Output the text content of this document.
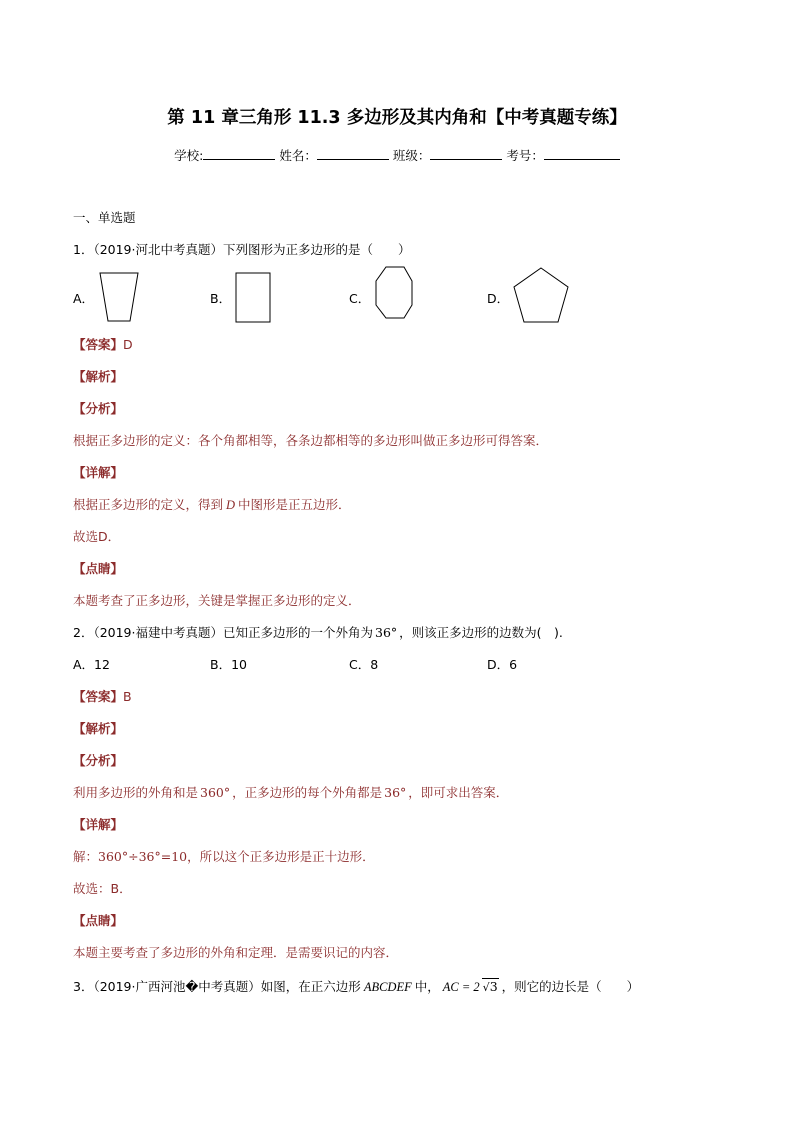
第 11 章三角形 11.3 多边形及其内角和【中考真题专练】
学校:	姓名：	班级：	考号：
一、单选题
1．（2019·河北中考真题）下列图形为正多边形的是（　　）
A．	B．	C．	D．
【答案】D
【解析】
【分析】
根据正多边形的定义：各个角都相等，各条边都相等的多边形叫做正多边形可得答案．
【详解】
根据正多边形的定义，得到 D 中图形是正五边形．
故选D．
【点睛】
本题考查了正多边形，关键是掌握正多边形的定义．
2．（2019·福建中考真题）已知正多边形的一个外角为 36° ，则该正多边形的边数为(　).
A．12	B．10	C．8	D．6
【答案】B
【解析】
【分析】
利用多边形的外角和是 360° ，正多边形的每个外角都是 36° ，即可求出答案．
【详解】
解：360°÷36°=10，所以这个正多边形是正十边形．
故选：B．
【点睛】
本题主要考查了多边形的外角和定理．是需要识记的内容．
3．（2019·广西河池�中考真题）如图，在正六边形 ABCDEF 中， AC = 2 √3 ，则它的边长是（　　）
